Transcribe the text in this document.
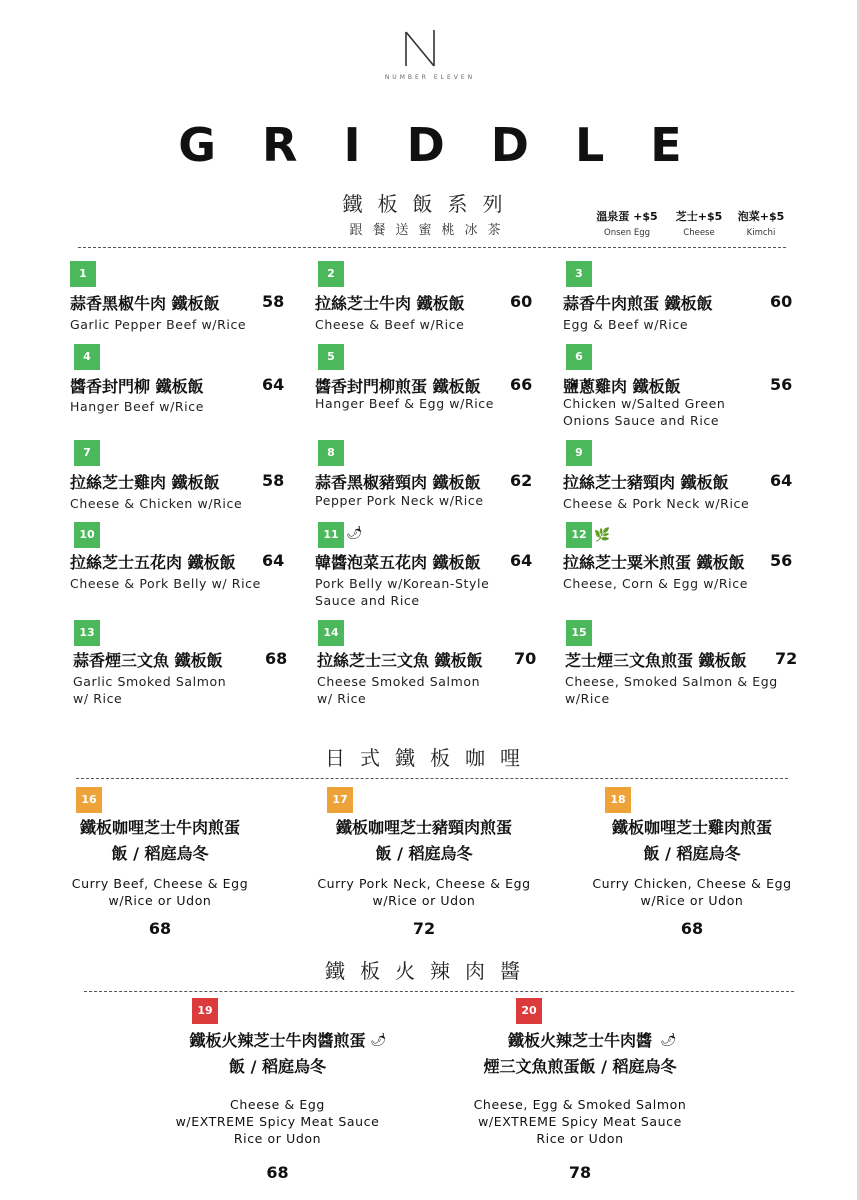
NUMBER ELEVEN
GRIDDLE
鐵板飯系列
跟餐送蜜桃冰茶
溫泉蛋 +$5
Onsen Egg
芝士+$5
Cheese
泡菜+$5
Kimchi
1
蒜香黑椒牛肉 鐵板飯	58
Garlic Pepper Beef w/Rice
2
拉絲芝士牛肉 鐵板飯	60
Cheese & Beef w/Rice
3
蒜香牛肉煎蛋 鐵板飯	60
Egg & Beef w/Rice
4
醬香封門柳 鐵板飯	64
Hanger Beef w/Rice
5
醬香封門柳煎蛋 鐵板飯 66
Hanger Beef & Egg w/Rice
6
鹽蔥雞肉 鐵板飯	56
Chicken w/Salted Green
Onions Sauce and Rice
7
拉絲芝士雞肉 鐵板飯	58
Cheese & Chicken w/Rice
8
蒜香黑椒豬頸肉 鐵板飯 62
Pepper Pork Neck w/Rice
9
拉絲芝士豬頸肉 鐵板飯	64
Cheese & Pork Neck w/Rice
10
拉絲芝士五花肉 鐵板飯 64
Cheese & Pork Belly w/ Rice
11 🌶
韓醬泡菜五花肉 鐵板飯 64
Pork Belly w/Korean-Style
Sauce and Rice
12 🌿
拉絲芝士粟米煎蛋 鐵板飯 56
Cheese, Corn & Egg w/Rice
13
蒜香煙三文魚 鐵板飯	68
Garlic Smoked Salmon
w/ Rice
14
拉絲芝士三文魚 鐵板飯 70
Cheese Smoked Salmon
w/ Rice
15
芝士煙三文魚煎蛋 鐵板飯 72
Cheese, Smoked Salmon & Egg
w/Rice
日式鐵板咖哩
16
鐵板咖哩芝士牛肉煎蛋
飯 / 稻庭烏冬
Curry Beef, Cheese & Egg
w/Rice or Udon
68
17
鐵板咖哩芝士豬頸肉煎蛋
飯 / 稻庭烏冬
Curry Pork Neck, Cheese & Egg
w/Rice or Udon
72
18
鐵板咖哩芝士雞肉煎蛋
飯 / 稻庭烏冬
Curry Chicken, Cheese & Egg
w/Rice or Udon
68
鐵板火辣肉醬
19
鐵板火辣芝士牛肉醬煎蛋
飯 / 稻庭烏冬
Cheese & Egg
w/EXTREME Spicy Meat Sauce
Rice or Udon
68
🌶
20
鐵板火辣芝士牛肉醬
煙三文魚煎蛋飯 / 稻庭烏冬
Cheese, Egg & Smoked Salmon
w/EXTREME Spicy Meat Sauce
Rice or Udon
78
🌶
